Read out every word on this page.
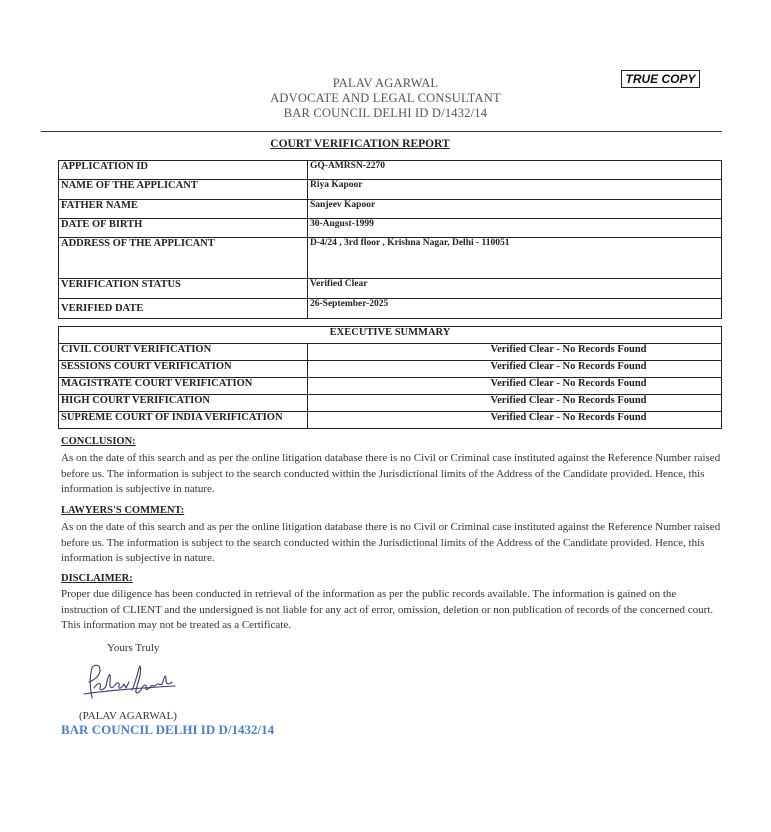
PALAV AGARWAL
ADVOCATE AND LEGAL CONSULTANT
BAR COUNCIL DELHI ID D/1432/14
TRUE COPY
COURT VERIFICATION REPORT
APPLICATION ID	GQ-AMRSN-2270
NAME OF THE APPLICANT	Riya Kapoor
FATHER NAME	Sanjeev Kapoor
DATE OF BIRTH	30-August-1999
ADDRESS OF THE APPLICANT	D-4/24 , 3rd floor , Krishna Nagar, Delhi - 110051
VERIFICATION STATUS	Verified Clear
VERIFIED DATE	26-September-2025
EXECUTIVE SUMMARY	
CIVIL COURT VERIFICATION	Verified Clear - No Records Found
SESSIONS COURT VERIFICATION	Verified Clear - No Records Found
MAGISTRATE COURT VERIFICATION	Verified Clear - No Records Found
HIGH COURT VERIFICATION	Verified Clear - No Records Found
SUPREME COURT OF INDIA VERIFICATION	Verified Clear - No Records Found
CONCLUSION:
As on the date of this search and as per the online litigation database there is no Civil or Criminal case instituted against the Reference Number raised before us. The information is subject to the search conducted within the Jurisdictional limits of the Address of the Candidate provided. Hence, this information is subjective in nature.
LAWYERS'S COMMENT:
As on the date of this search and as per the online litigation database there is no Civil or Criminal case instituted against the Reference Number raised before us. The information is subject to the search conducted within the Jurisdictional limits of the Address of the Candidate provided. Hence, this information is subjective in nature.
DISCLAIMER:
Proper due diligence has been conducted in retrieval of the information as per the public records available. The information is gained on the instruction of CLIENT and the undersigned is not liable for any act of error, omission, deletion or non publication of records of the concerned court. This information may not be treated as a Certificate.
Yours Truly
(PALAV AGARWAL)
BAR COUNCIL DELHI ID D/1432/14
